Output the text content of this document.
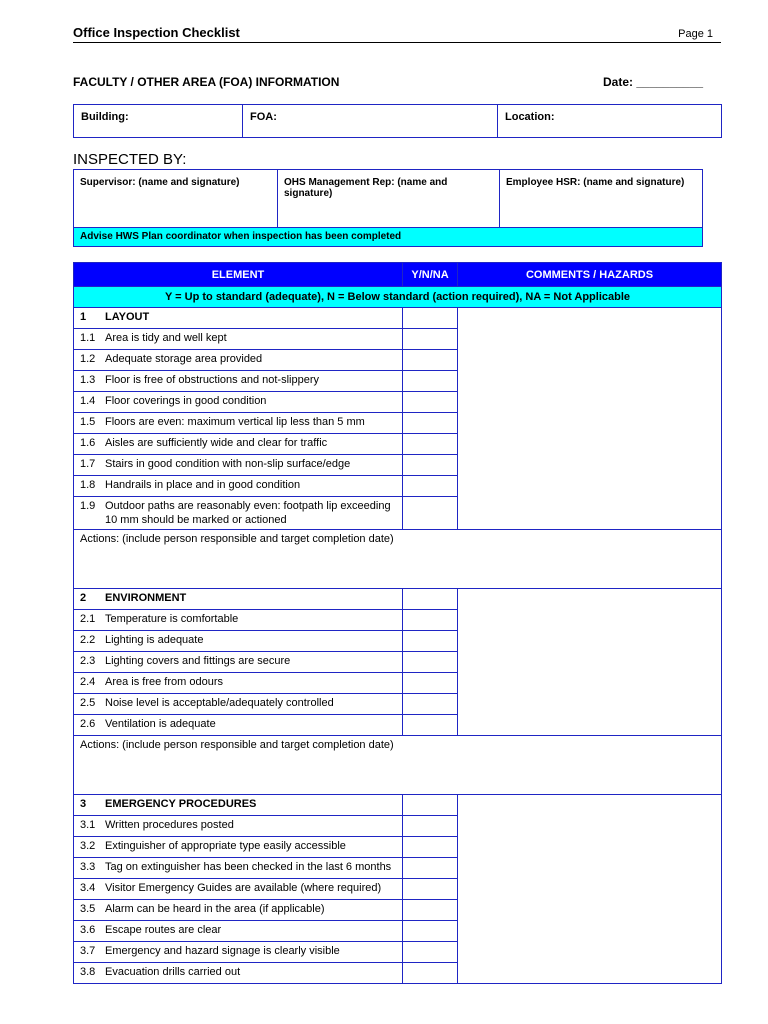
Office Inspection Checklist	Page 1
FACULTY / OTHER AREA (FOA) INFORMATION	Date: __________
Building:	FOA:	Location:
INSPECTED BY:
Supervisor: (name and signature)	OHS Management Rep: (name and signature)	Employee HSR: (name and signature)
Advise HWS Plan coordinator when inspection has been completed
ELEMENT	Y/N/NA	COMMENTS / HAZARDS
Y = Up to standard (adequate), N = Below standard (action required), NA = Not Applicable		

1 LAYOUT		

1.1 Area is tidy and well kept		

1.2 Adequate storage area provided		

1.3 Floor is free of obstructions and not-slippery		

1.4 Floor coverings in good condition		

1.5 Floors are even: maximum vertical lip less than 5 mm		

1.6 Aisles are sufficiently wide and clear for traffic		

1.7 Stairs in good condition with non-slip surface/edge		

1.8 Handrails in place and in good condition		

1.9 Outdoor paths are reasonably even: footpath lip exceeding 10 mm should be marked or actioned		

Actions: (include person responsible and target completion date)		

2 ENVIRONMENT		

2.1 Temperature is comfortable		

2.2 Lighting is adequate		

2.3 Lighting covers and fittings are secure		

2.4 Area is free from odours		

2.5 Noise level is acceptable/adequately controlled		

2.6 Ventilation is adequate		

Actions: (include person responsible and target completion date)		

3 EMERGENCY PROCEDURES		

3.1 Written procedures posted		

3.2 Extinguisher of appropriate type easily accessible		

3.3 Tag on extinguisher has been checked in the last 6 months		

3.4 Visitor Emergency Guides are available (where required)		

3.5 Alarm can be heard in the area (if applicable)		

3.6 Escape routes are clear		

3.7 Emergency and hazard signage is clearly visible		

3.8 Evacuation drills carried out		
